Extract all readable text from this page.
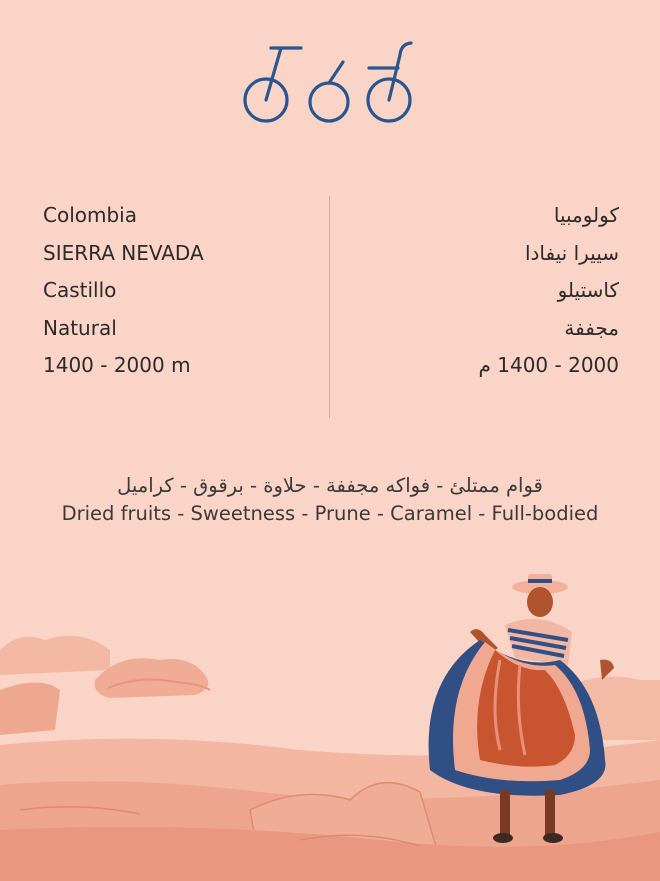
Colombia
SIERRA NEVADA
Castillo
Natural
1400 - 2000 m
كولومبيا
سييرا نيفادا
كاستيلو
مجففة
2000 - 1400 م
قوام ممتلئ - فواكه مجففة - حلاوة - برقوق - كراميل
Dried fruits - Sweetness - Prune - Caramel - Full-bodied
